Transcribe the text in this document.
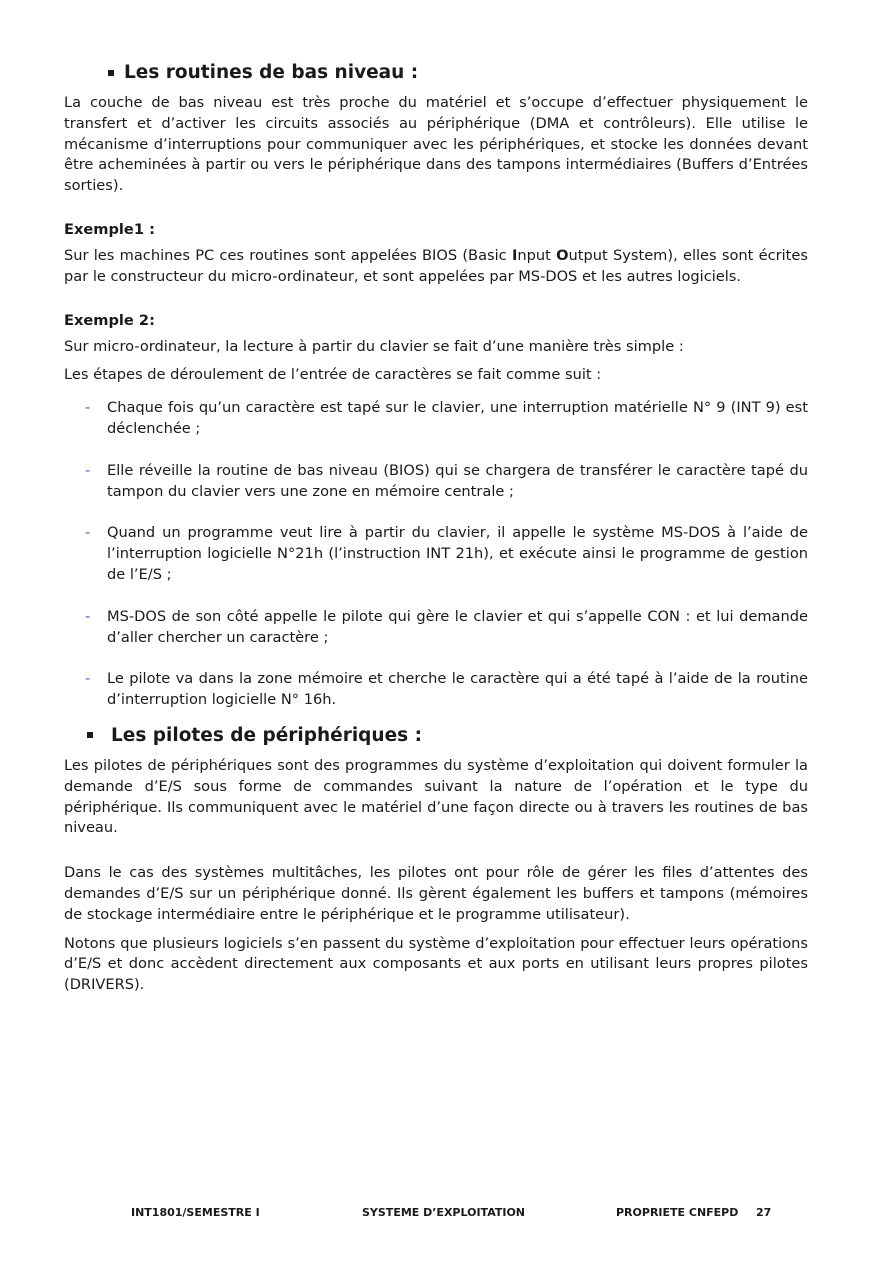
Les routines de bas niveau :

La couche de bas niveau est très proche du matériel et s’occupe d’effectuer physiquement le transfert et d’activer les circuits associés au périphérique (DMA et contrôleurs). Elle utilise le mécanisme d’interruptions pour communiquer avec les périphériques, et stocke les données devant être acheminées à partir ou vers le périphérique dans des tampons intermédiaires (Buffers d’Entrées sorties).

Exemple1 :

Sur les machines PC ces routines sont appelées BIOS (Basic Input Output System), elles sont écrites par le constructeur du micro-ordinateur, et sont appelées par MS-DOS et les autres logiciels.

Exemple 2:

Sur micro-ordinateur, la lecture à partir du clavier se fait d’une manière très simple :

Les étapes de déroulement de l’entrée de caractères se fait comme suit :

- Chaque fois qu’un caractère est tapé sur le clavier, une interruption matérielle N° 9 (INT 9) est déclenchée ;
- Elle réveille la routine de bas niveau (BIOS) qui se chargera de transférer le caractère tapé du tampon du clavier vers une zone en mémoire centrale ;
- Quand un programme veut lire à partir du clavier, il appelle le système MS-DOS à l’aide de l’interruption logicielle N°21h (l’instruction INT 21h), et exécute ainsi le programme de gestion de l’E/S ;
- MS-DOS de son côté appelle le pilote qui gère le clavier et qui s’appelle CON : et lui demande d’aller chercher un caractère ;
- Le pilote va dans la zone mémoire et cherche le caractère qui a été tapé à l’aide de la routine d’interruption logicielle N° 16h.
Les pilotes de périphériques :

Les pilotes de périphériques sont des programmes du système d’exploitation qui doivent formuler la demande d’E/S sous forme de commandes suivant la nature de l’opération et le type du périphérique. Ils communiquent avec le matériel d’une façon directe ou à travers les routines de bas niveau.

Dans le cas des systèmes multitâches, les pilotes ont pour rôle de gérer les files d’attentes des demandes d’E/S sur un périphérique donné. Ils gèrent également les buffers et tampons (mémoires de stockage intermédiaire entre le périphérique et le programme utilisateur).

Notons que plusieurs logiciels s’en passent du système d’exploitation pour effectuer leurs opérations d’E/S et donc accèdent directement aux composants et aux ports en utilisant leurs propres pilotes (DRIVERS).

INT1801/SEMESTRE I	SYSTEME D’EXPLOITATION	PROPRIETE CNFEPD 27
